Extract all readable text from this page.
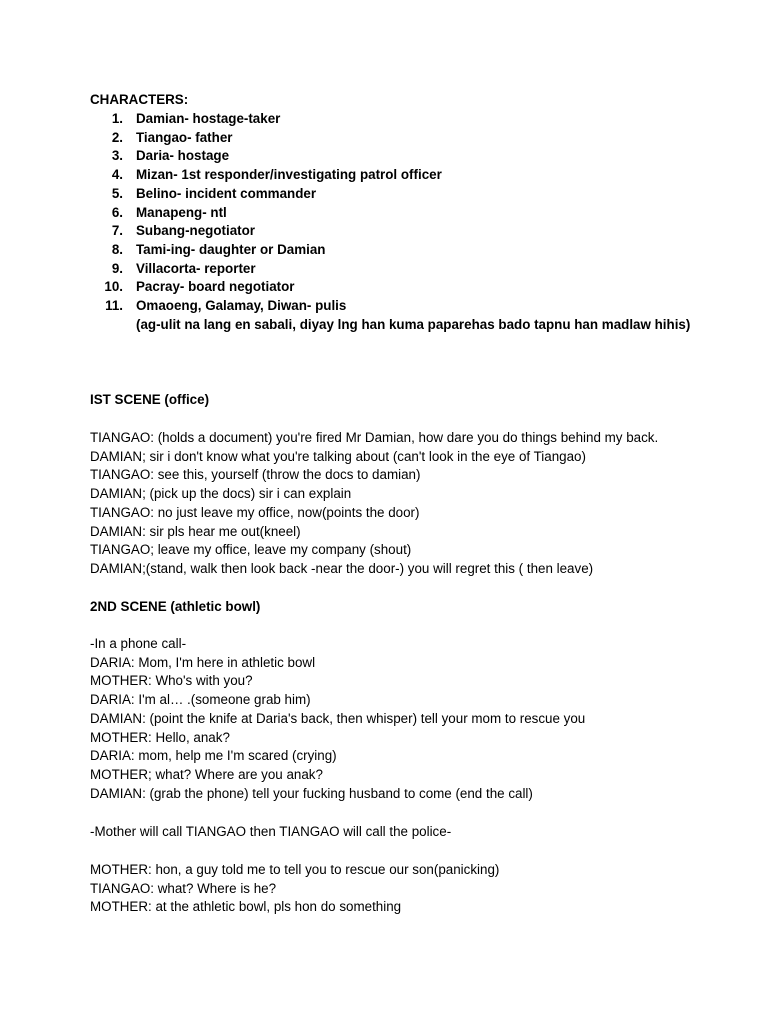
CHARACTERS:
1. Damian- hostage-taker
2. Tiangao- father
3. Daria- hostage
4. Mizan- 1st responder/investigating patrol officer
5. Belino- incident commander
6. Manapeng- ntl
7. Subang-negotiator
8. Tami-ing- daughter or Damian
9. Villacorta- reporter
10. Pacray- board negotiator
11. Omaoeng, Galamay, Diwan- pulis
(ag-ulit na lang en sabali, diyay lng han kuma paparehas bado tapnu han madlaw hihis)
IST SCENE (office)
TIANGAO: (holds a document) you're fired Mr Damian, how dare you do things behind my back.
DAMIAN; sir i don't know what you're talking about (can't look in the eye of Tiangao)
TIANGAO: see this, yourself (throw the docs to damian)
DAMIAN; (pick up the docs) sir i can explain
TIANGAO: no just leave my office, now(points the door)
DAMIAN: sir pls hear me out(kneel)
TIANGAO; leave my office, leave my company (shout)
DAMIAN;(stand, walk then look back -near the door-) you will regret this ( then leave)
2ND SCENE (athletic bowl)
-In a phone call-
DARIA: Mom, I'm here in athletic bowl
MOTHER: Who's with you?
DARIA: I'm al… .(someone grab him)
DAMIAN: (point the knife at Daria's back, then whisper) tell your mom to rescue you
MOTHER: Hello, anak?
DARIA: mom, help me I'm scared (crying)
MOTHER; what? Where are you anak?
DAMIAN: (grab the phone) tell your fucking husband to come (end the call)
-Mother will call TIANGAO then TIANGAO will call the police-
MOTHER: hon, a guy told me to tell you to rescue our son(panicking)
TIANGAO: what? Where is he?
MOTHER: at the athletic bowl, pls hon do something
